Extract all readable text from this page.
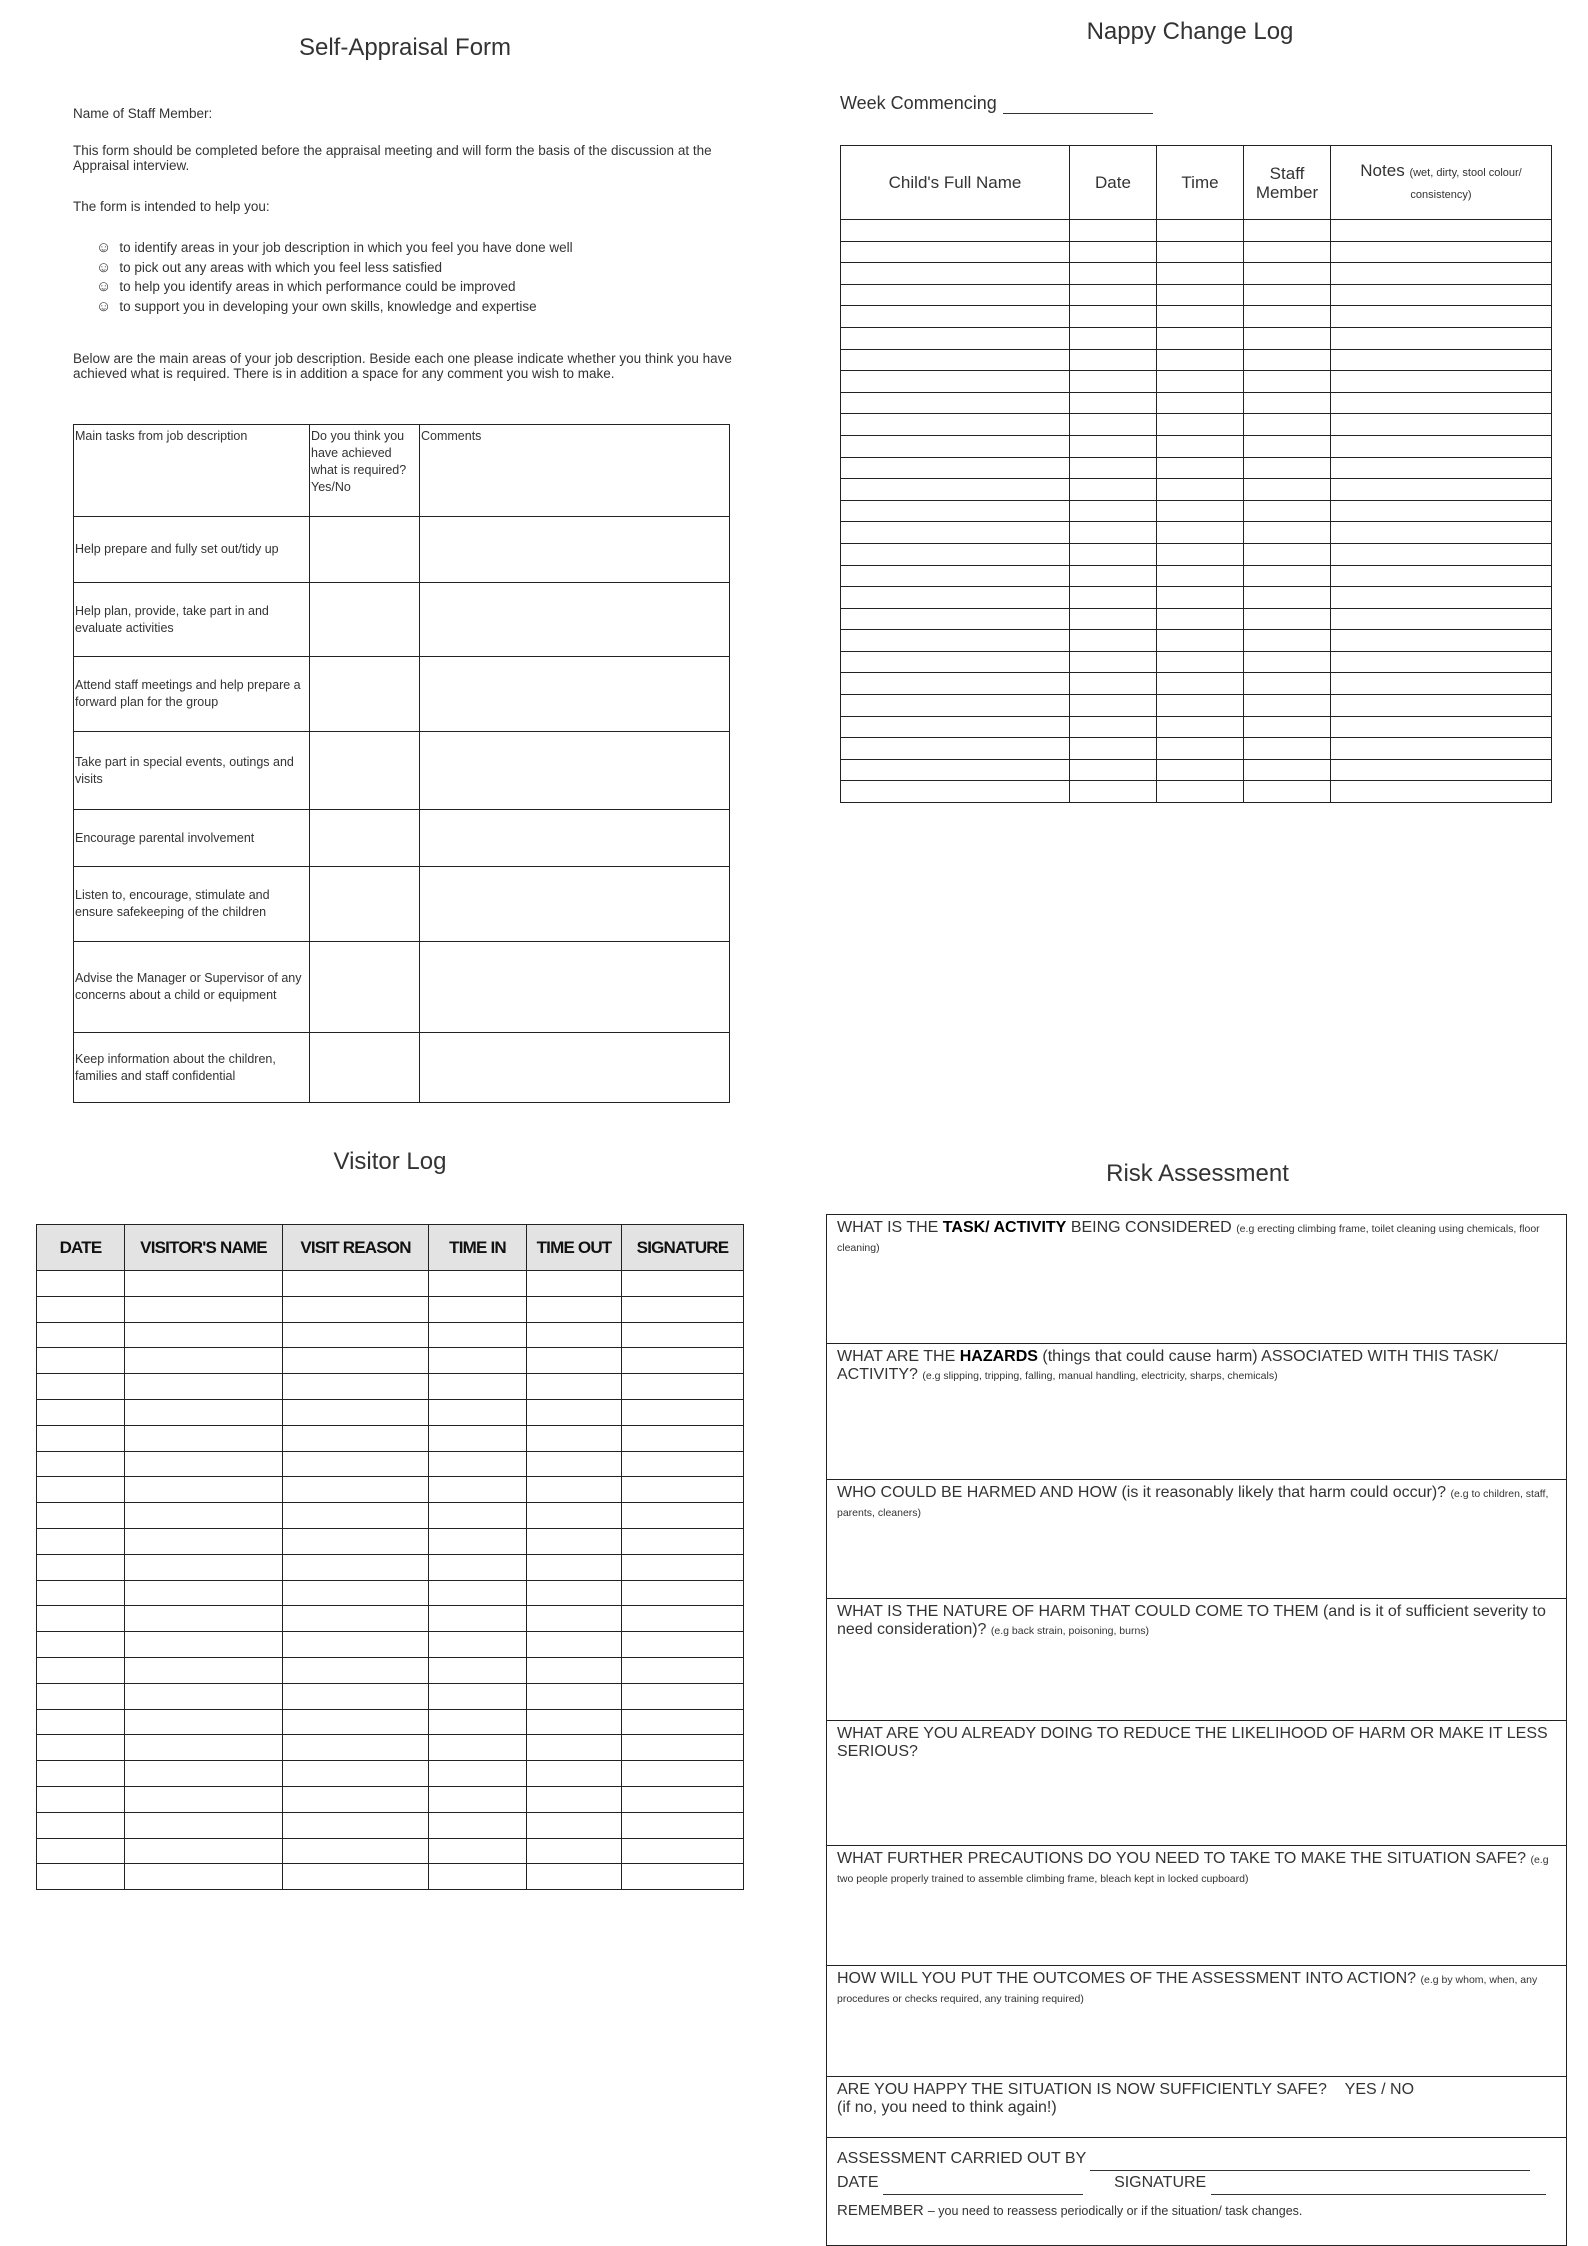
Self-Appraisal Form
Name of Staff Member:
This form should be completed before the appraisal meeting and will form the basis of the discussion at the Appraisal interview.
The form is intended to help you:
☺ to identify areas in your job description in which you feel you have done well
☺ to pick out any areas with which you feel less satisfied
☺ to help you identify areas in which performance could be improved
☺ to support you in developing your own skills, knowledge and expertise
Below are the main areas of your job description. Beside each one please indicate whether you think you have achieved what is required. There is in addition a space for any comment you wish to make.
Main tasks from job description	Do you think you have achieved what is required? Yes/No	Comments
Help prepare and fully set out/tidy up		
Help plan, provide, take part in and evaluate activities		
Attend staff meetings and help prepare a forward plan for the group		
Take part in special events, outings and visits		
Encourage parental involvement		
Listen to, encourage, stimulate and ensure safekeeping of the children		
Advise the Manager or Supervisor of any concerns about a child or equipment		
Keep information about the children, families and staff confidential		
Nappy Change Log
Week Commencing
Child's Full Name	Date	Time	Staff Member	Notes (wet, dirty, stool colour/ consistency)

Visitor Log
DATE	VISITOR'S NAME	VISIT REASON	TIME IN	TIME OUT	SIGNATURE

Risk Assessment
WHAT IS THE TASK/ ACTIVITY BEING CONSIDERED (e.g erecting climbing frame, toilet cleaning using chemicals, floor cleaning)
WHAT ARE THE HAZARDS (things that could cause harm) ASSOCIATED WITH THIS TASK/ ACTIVITY? (e.g slipping, tripping, falling, manual handling, electricity, sharps, chemicals)
WHO COULD BE HARMED AND HOW (is it reasonably likely that harm could occur)? (e.g to children, staff, parents, cleaners)
WHAT IS THE NATURE OF HARM THAT COULD COME TO THEM (and is it of sufficient severity to need consideration)? (e.g back strain, poisoning, burns)
WHAT ARE YOU ALREADY DOING TO REDUCE THE LIKELIHOOD OF HARM OR MAKE IT LESS SERIOUS?
WHAT FURTHER PRECAUTIONS DO YOU NEED TO TAKE TO MAKE THE SITUATION SAFE? (e.g two people properly trained to assemble climbing frame, bleach kept in locked cupboard)
HOW WILL YOU PUT THE OUTCOMES OF THE ASSESSMENT INTO ACTION? (e.g by whom, when, any procedures or checks required, any training required)
ARE YOU HAPPY THE SITUATION IS NOW SUFFICIENTLY SAFE? YES / NO
(if no, you need to think again!)
ASSESSMENT CARRIED OUT BY
DATE	SIGNATURE
REMEMBER – you need to reassess periodically or if the situation/ task changes.
